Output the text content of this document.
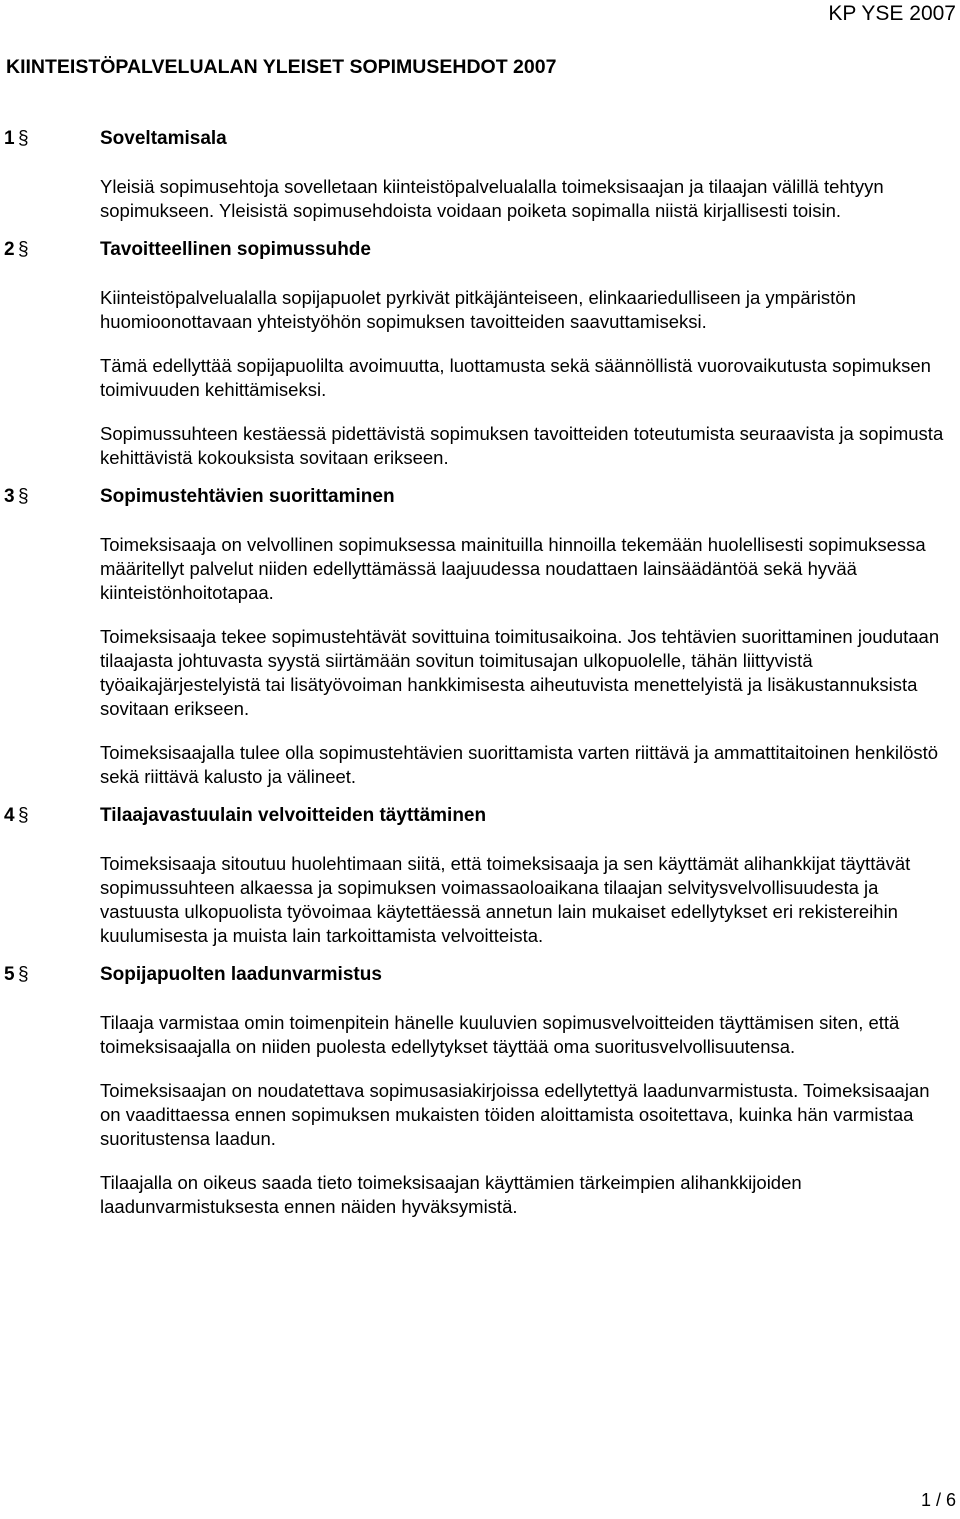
KP YSE 2007
KIINTEISTÖPALVELUALAN YLEISET SOPIMUSEHDOT 2007
1 §	Soveltamisala

Yleisiä sopimusehtoja sovelletaan kiinteistöpalvelualalla toimeksisaajan ja tilaajan välillä tehtyyn sopimukseen. Yleisistä sopimusehdoista voidaan poiketa sopimalla niistä kirjallisesti toisin.

2 §	Tavoitteellinen sopimussuhde

Kiinteistöpalvelualalla sopijapuolet pyrkivät pitkäjänteiseen, elinkaariedulliseen ja ympäristön huomioonottavaan yhteistyöhön sopimuksen tavoitteiden saavuttamiseksi.

Tämä edellyttää sopijapuolilta avoimuutta, luottamusta sekä säännöllistä vuorovaikutusta sopimuksen toimivuuden kehittämiseksi.

Sopimussuhteen kestäessä pidettävistä sopimuksen tavoitteiden toteutumista seuraavista ja sopimusta kehittävistä kokouksista sovitaan erikseen.

3 §	Sopimustehtävien suorittaminen

Toimeksisaaja on velvollinen sopimuksessa mainituilla hinnoilla tekemään huolellisesti sopimuksessa määritellyt palvelut niiden edellyttämässä laajuudessa noudattaen lainsäädäntöä sekä hyvää kiinteistönhoitotapaa.

Toimeksisaaja tekee sopimustehtävät sovittuina toimitusaikoina. Jos tehtävien suorittaminen joudutaan tilaajasta johtuvasta syystä siirtämään sovitun toimitusajan ulkopuolelle, tähän liittyvistä työaikajärjestelyistä tai lisätyövoiman hankkimisesta aiheutuvista menettelyistä ja lisäkustannuksista sovitaan erikseen.

Toimeksisaajalla tulee olla sopimustehtävien suorittamista varten riittävä ja ammattitaitoinen henkilöstö sekä riittävä kalusto ja välineet.

4 §	Tilaajavastuulain velvoitteiden täyttäminen

Toimeksisaaja sitoutuu huolehtimaan siitä, että toimeksisaaja ja sen käyttämät alihankkijat täyttävät sopimussuhteen alkaessa ja sopimuksen voimassaoloaikana tilaajan selvitysvelvollisuudesta ja vastuusta ulkopuolista työvoimaa käytettäessä annetun lain mukaiset edellytykset eri rekistereihin kuulumisesta ja muista lain tarkoittamista velvoitteista.

5 §	Sopijapuolten laadunvarmistus

Tilaaja varmistaa omin toimenpitein hänelle kuuluvien sopimusvelvoitteiden täyttämisen siten, että toimeksisaajalla on niiden puolesta edellytykset täyttää oma suoritusvelvollisuutensa.

Toimeksisaajan on noudatettava sopimusasiakirjoissa edellytettyä laadunvarmistusta. Toimeksisaajan on vaadittaessa ennen sopimuksen mukaisten töiden aloittamista osoitettava, kuinka hän varmistaa suoritustensa laadun.

Tilaajalla on oikeus saada tieto toimeksisaajan käyttämien tärkeimpien alihankkijoiden laadunvarmistuksesta ennen näiden hyväksymistä.

1 / 6
